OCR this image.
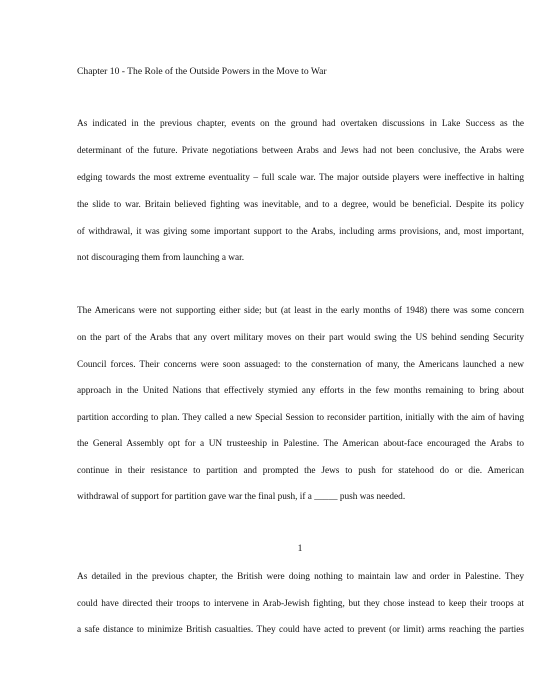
Chapter 10 - The Role of the Outside Powers in the Move to War
As indicated in the previous chapter, events on the ground had overtaken discussions in Lake Success as the
determinant of the future. Private negotiations between Arabs and Jews had not been conclusive, the Arabs were
edging towards the most extreme eventuality – full scale war. The major outside players were ineffective in halting
the slide to war. Britain believed fighting was inevitable, and to a degree, would be beneficial. Despite its policy
of withdrawal, it was giving some important support to the Arabs, including arms provisions, and, most important,
not discouraging them from launching a war.
The Americans were not supporting either side; but (at least in the early months of 1948) there was some concern
on the part of the Arabs that any overt military moves on their part would swing the US behind sending Security
Council forces. Their concerns were soon assuaged: to the consternation of many, the Americans launched a new
approach in the United Nations that effectively stymied any efforts in the few months remaining to bring about
partition according to plan. They called a new Special Session to reconsider partition, initially with the aim of having
the General Assembly opt for a UN trusteeship in Palestine. The American about-face encouraged the Arabs to
continue in their resistance to partition and prompted the Jews to push for statehood do or die. American
withdrawal of support for partition gave war the final push, if a _____ push was needed.
1
As detailed in the previous chapter, the British were doing nothing to maintain law and order in Palestine. They
could have directed their troops to intervene in Arab-Jewish fighting, but they chose instead to keep their troops at
a safe distance to minimize British casualties. They could have acted to prevent (or limit) arms reaching the parties
